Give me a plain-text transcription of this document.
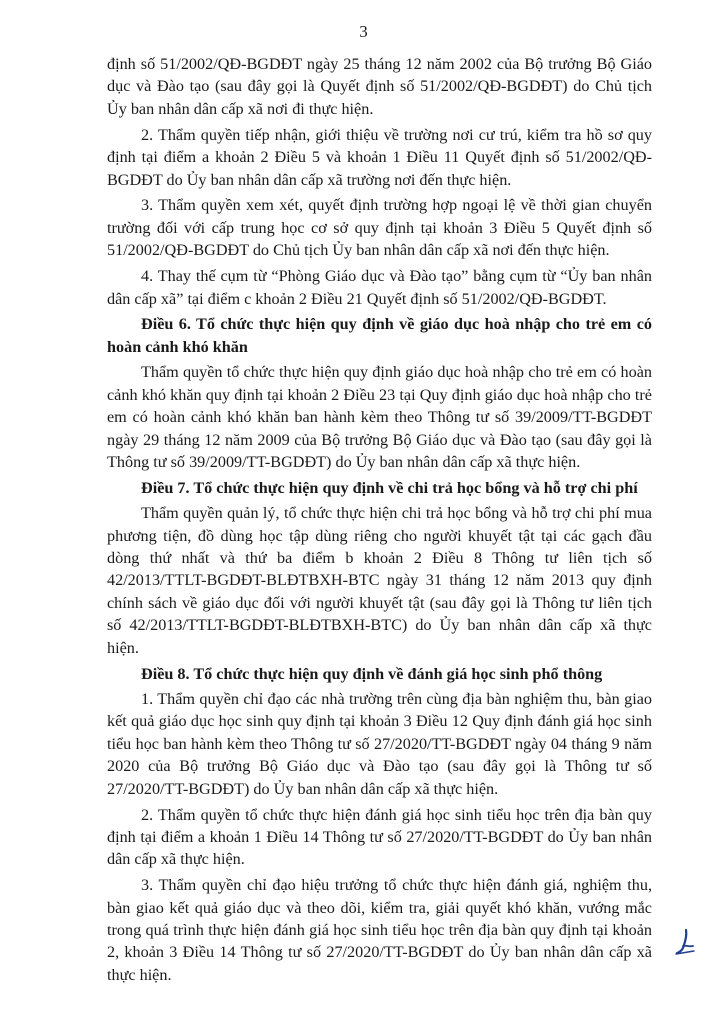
3

định số 51/2002/QĐ-BGDĐT ngày 25 tháng 12 năm 2002 của Bộ trưởng Bộ Giáo dục và Đào tạo (sau đây gọi là Quyết định số 51/2002/QĐ-BGDĐT) do Chủ tịch Ủy ban nhân dân cấp xã nơi đi thực hiện.

2. Thẩm quyền tiếp nhận, giới thiệu về trường nơi cư trú, kiểm tra hồ sơ quy định tại điểm a khoản 2 Điều 5 và khoản 1 Điều 11 Quyết định số 51/2002/QĐ-BGDĐT do Ủy ban nhân dân cấp xã trường nơi đến thực hiện.

3. Thẩm quyền xem xét, quyết định trường hợp ngoại lệ về thời gian chuyển trường đối với cấp trung học cơ sở quy định tại khoản 3 Điều 5 Quyết định số 51/2002/QĐ-BGDĐT do Chủ tịch Ủy ban nhân dân cấp xã nơi đến thực hiện.

4. Thay thế cụm từ “Phòng Giáo dục và Đào tạo” bằng cụm từ “Ủy ban nhân dân cấp xã” tại điểm c khoản 2 Điều 21 Quyết định số 51/2002/QĐ-BGDĐT.

Điều 6. Tổ chức thực hiện quy định về giáo dục hoà nhập cho trẻ em có hoàn cảnh khó khăn

Thẩm quyền tổ chức thực hiện quy định giáo dục hoà nhập cho trẻ em có hoàn cảnh khó khăn quy định tại khoản 2 Điều 23 tại Quy định giáo dục hoà nhập cho trẻ em có hoàn cảnh khó khăn ban hành kèm theo Thông tư số 39/2009/TT-BGDĐT ngày 29 tháng 12 năm 2009 của Bộ trưởng Bộ Giáo dục và Đào tạo (sau đây gọi là Thông tư số 39/2009/TT-BGDĐT) do Ủy ban nhân dân cấp xã thực hiện.

Điều 7. Tổ chức thực hiện quy định về chi trả học bổng và hỗ trợ chi phí

Thẩm quyền quản lý, tổ chức thực hiện chi trả học bổng và hỗ trợ chi phí mua phương tiện, đồ dùng học tập dùng riêng cho người khuyết tật tại các gạch đầu dòng thứ nhất và thứ ba điểm b khoản 2 Điều 8 Thông tư liên tịch số 42/2013/TTLT-BGDĐT-BLĐTBXH-BTC ngày 31 tháng 12 năm 2013 quy định chính sách về giáo dục đối với người khuyết tật (sau đây gọi là Thông tư liên tịch số 42/2013/TTLT-BGDĐT-BLĐTBXH-BTC) do Ủy ban nhân dân cấp xã thực hiện.

Điều 8. Tổ chức thực hiện quy định về đánh giá học sinh phổ thông

1. Thẩm quyền chỉ đạo các nhà trường trên cùng địa bàn nghiệm thu, bàn giao kết quả giáo dục học sinh quy định tại khoản 3 Điều 12 Quy định đánh giá học sinh tiểu học ban hành kèm theo Thông tư số 27/2020/TT-BGDĐT ngày 04 tháng 9 năm 2020 của Bộ trưởng Bộ Giáo dục và Đào tạo (sau đây gọi là Thông tư số 27/2020/TT-BGDĐT) do Ủy ban nhân dân cấp xã thực hiện.

2. Thẩm quyền tổ chức thực hiện đánh giá học sinh tiểu học trên địa bàn quy định tại điểm a khoản 1 Điều 14 Thông tư số 27/2020/TT-BGDĐT do Ủy ban nhân dân cấp xã thực hiện.

3. Thẩm quyền chỉ đạo hiệu trưởng tổ chức thực hiện đánh giá, nghiệm thu, bàn giao kết quả giáo dục và theo dõi, kiểm tra, giải quyết khó khăn, vướng mắc trong quá trình thực hiện đánh giá học sinh tiểu học trên địa bàn quy định tại khoản 2, khoản 3 Điều 14 Thông tư số 27/2020/TT-BGDĐT do Ủy ban nhân dân cấp xã thực hiện.
